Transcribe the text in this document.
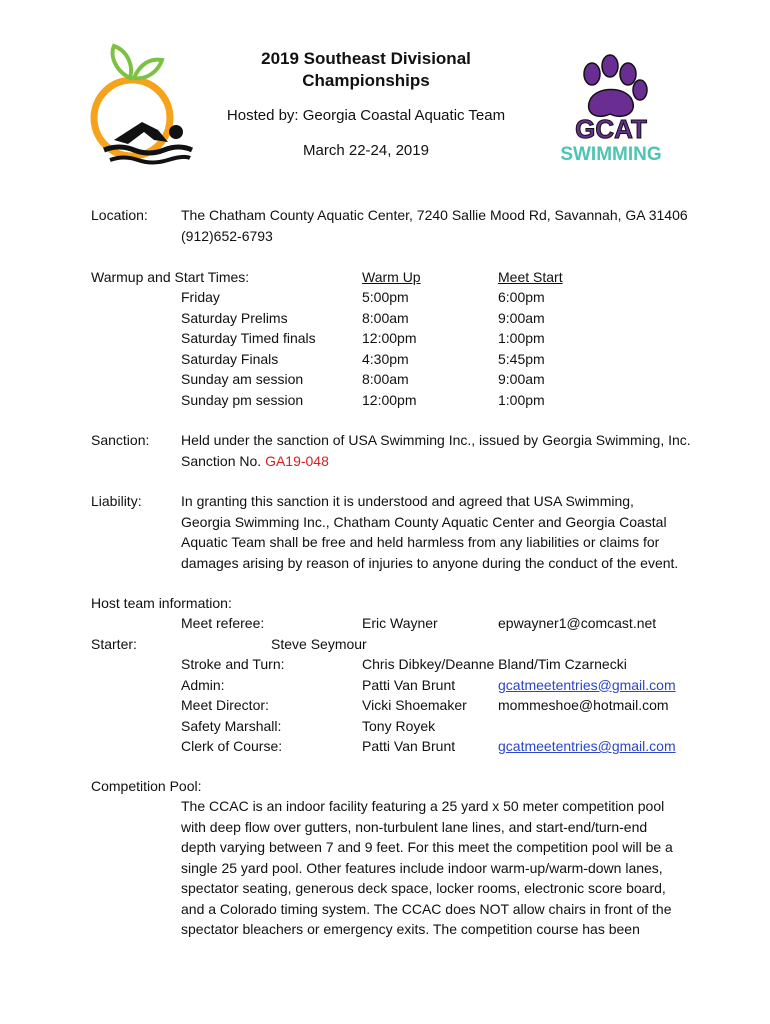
GCAT
SWIMMING
2019 Southeast Divisional
Championships
Hosted by: Georgia Coastal Aquatic Team
March 22-24, 2019
Location: The Chatham County Aquatic Center, 7240 Sallie Mood Rd, Savannah, GA 31406
(912)652-6793
Warmup and Start Times:	Warm Up	Meet Start
Friday	5:00pm	6:00pm
Saturday Prelims	8:00am	9:00am
Saturday Timed finals	12:00pm	1:00pm
Saturday Finals	4:30pm	5:45pm
Sunday am session	8:00am	9:00am
Sunday pm session	12:00pm	1:00pm
Sanction: Held under the sanction of USA Swimming Inc., issued by Georgia Swimming, Inc.
Sanction No. GA19-048
Liability:	In granting this sanction it is understood and agreed that USA Swimming,
Georgia Swimming Inc., Chatham County Aquatic Center and Georgia Coastal
Aquatic Team shall be free and held harmless from any liabilities or claims for
damages arising by reason of injuries to anyone during the conduct of the event.
Host team information:
Meet referee:	Eric Wayner	epwayner1@comcast.net
Starter:	Steve Seymour
Stroke and Turn:	Chris Dibkey/Deanne Bland/Tim Czarnecki
Admin:	Patti Van Brunt	gcatmeetentries@gmail.com
Meet Director:	Vicki Shoemaker mommeshoe@hotmail.com
Safety Marshall:	Tony Royek
Clerk of Course:	Patti Van Brunt	gcatmeetentries@gmail.com
Competition Pool:
The CCAC is an indoor facility featuring a 25 yard x 50 meter competition pool
with deep flow over gutters, non-turbulent lane lines, and start-end/turn-end
depth varying between 7 and 9 feet. For this meet the competition pool will be a
single 25 yard pool. Other features include indoor warm-up/warm-down lanes,
spectator seating, generous deck space, locker rooms, electronic score board,
and a Colorado timing system. The CCAC does NOT allow chairs in front of the
spectator bleachers or emergency exits. The competition course has been
